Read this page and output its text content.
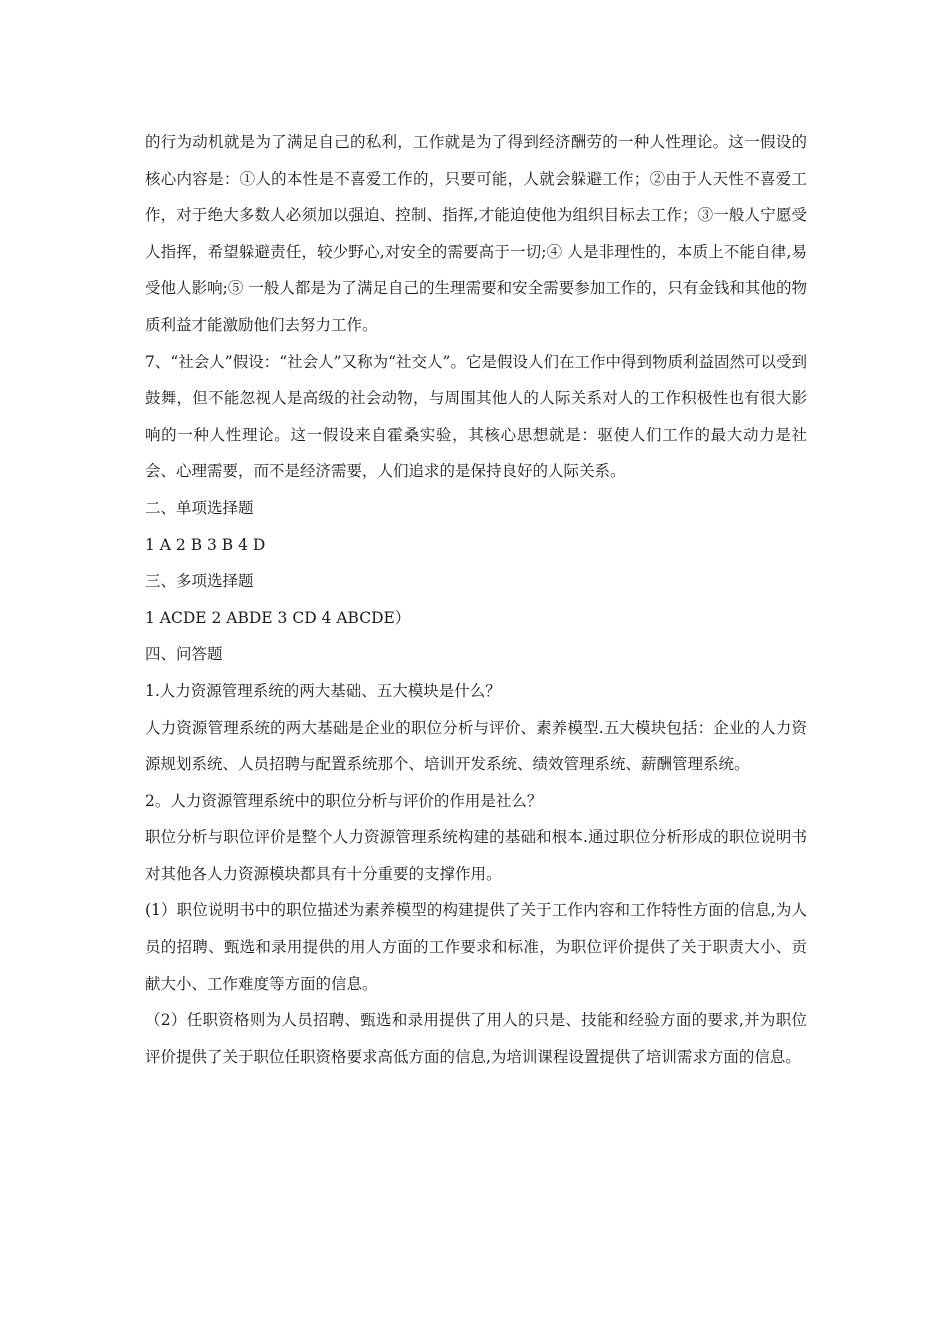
的行为动机就是为了满足自己的私利，工作就是为了得到经济酬劳的一种人性理论。这一假设的核心内容是：①人的本性是不喜爱工作的，只要可能，人就会躲避工作；②由于人天性不喜爱工作，对于绝大多数人必须加以强迫、控制、指挥,才能迫使他为组织目标去工作；③一般人宁愿受人指挥，希望躲避责任，较少野心,对安全的需要高于一切;④ 人是非理性的，本质上不能自律,易受他人影响;⑤ 一般人都是为了满足自己的生理需要和安全需要参加工作的，只有金钱和其他的物质利益才能激励他们去努力工作。

7、“社会人”假设：“社会人”又称为“社交人”。它是假设人们在工作中得到物质利益固然可以受到鼓舞，但不能忽视人是高级的社会动物，与周围其他人的人际关系对人的工作积极性也有很大影响的一种人性理论。这一假设来自霍桑实验，其核心思想就是：驱使人们工作的最大动力是社会、心理需要，而不是经济需要，人们追求的是保持良好的人际关系。

二、单项选择题

1 A 2 B 3 B 4 D

三、多项选择题

1 ACDE 2 ABDE 3 CD 4 ABCDE）

四、问答题

1.人力资源管理系统的两大基础、五大模块是什么？

人力资源管理系统的两大基础是企业的职位分析与评价、素养模型.五大模块包括：企业的人力资源规划系统、人员招聘与配置系统那个、培训开发系统、绩效管理系统、薪酬管理系统。

2。人力资源管理系统中的职位分析与评价的作用是社么？

职位分析与职位评价是整个人力资源管理系统构建的基础和根本.通过职位分析形成的职位说明书对其他各人力资源模块都具有十分重要的支撑作用。

(1）职位说明书中的职位描述为素养模型的构建提供了关于工作内容和工作特性方面的信息,为人员的招聘、甄选和录用提供的用人方面的工作要求和标准，为职位评价提供了关于职责大小、贡献大小、工作难度等方面的信息。

（2）任职资格则为人员招聘、甄选和录用提供了用人的只是、技能和经验方面的要求,并为职位评价提供了关于职位任职资格要求高低方面的信息,为培训课程设置提供了培训需求方面的信息。
